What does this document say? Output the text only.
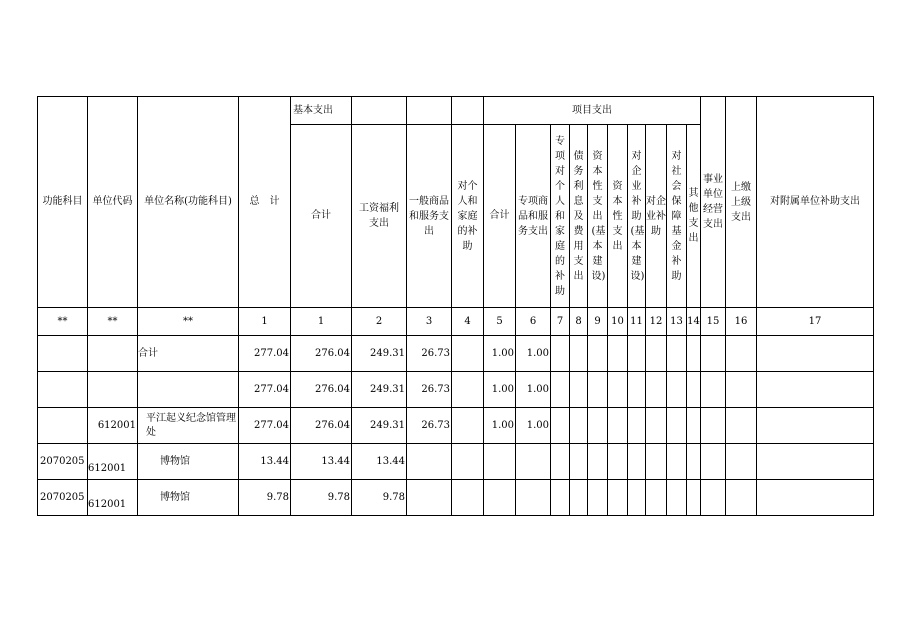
功能科目	单位代码	单位名称(功能科目)	总　计	基本支出				项目支出										事业单位经营支出	上缴上级支出	对附属单位补助支出
				合计	工资福利支出	一般商品和服务支出	对个人和家庭的补助	合计	专项商品和服务支出	专项对个人和家庭的补助	债务利息及费用支出	资本性支出(基本建设)	资本性支出	对企业补助(基本建设)	对企业补助	对社会保障基金补助	其他支出			

**	**	**	1	1	2	3	4	5	6	7	8	9	10	11	12	13	14	15	16	17
		合计	277.04	276.04	249.31	26.73		1.00	1.00											
			277.04	276.04	249.31	26.73		1.00	1.00											
	612001	平江起义纪念馆管理处	277.04	276.04	249.31	26.73		1.00	1.00											
2070205	612001	博物馆	13.44	13.44	13.44															
2070205	612001	博物馆	9.78	9.78	9.78															
